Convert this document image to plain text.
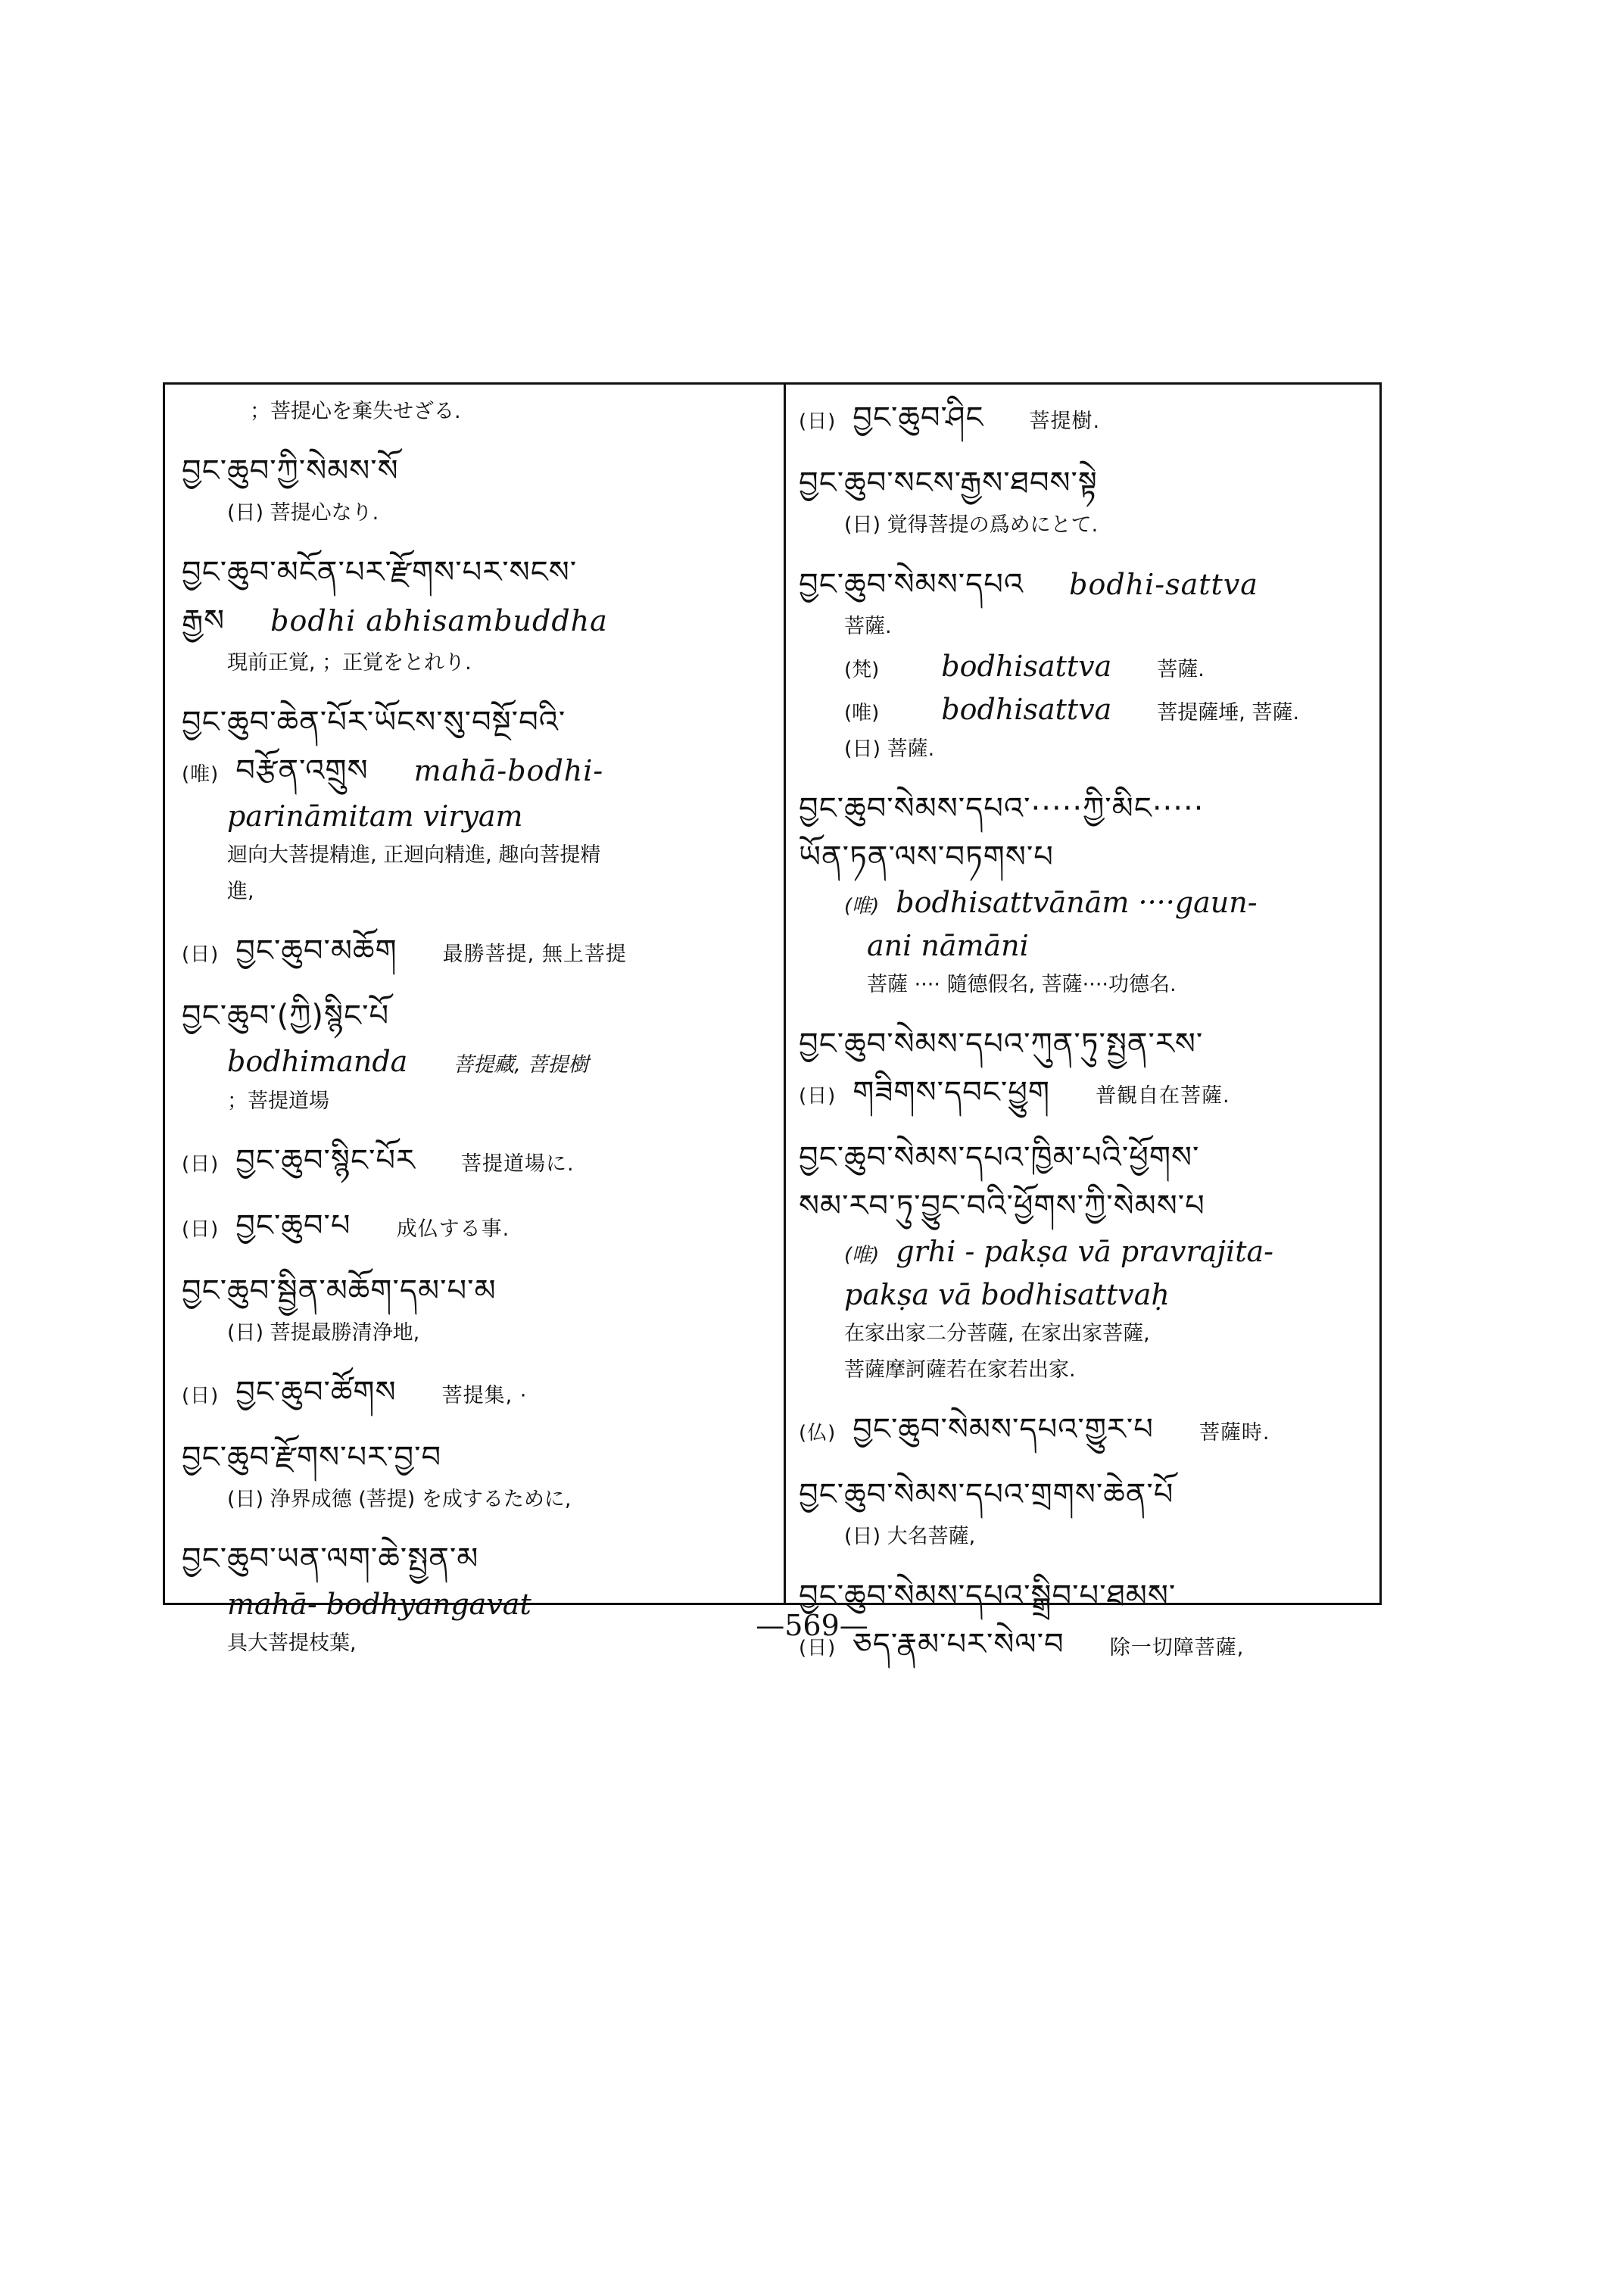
；菩提心を棄失せざる.
བྱང་ཆུབ་ཀྱི་སེམས་སོ
(日) 菩提心なり.
བྱང་ཆུབ་མངོན་པར་རྫོགས་པར་སངས་
རྒྱས bodhi abhisambuddha
現前正覚, ；正覚をとれり.
བྱང་ཆུབ་ཆེན་པོར་ཡོངས་སུ་བསྔོ་བའི་
(唯) བརྩོན་འགྲུས mahā-bodhi-
parināmitam viryam
迴向大菩提精進, 正迴向精進, 趣向菩提精
進,
(日) བྱང་ཆུབ་མཆོག 最勝菩提, 無上菩提
བྱང་ཆུབ་(ཀྱི)སྙིང་པོ
bodhimanda 菩提藏, 菩提樹
；菩提道場
(日) བྱང་ཆུབ་སྙིང་པོར 菩提道場に.
(日) བྱང་ཆུབ་པ 成仏する事.
བྱང་ཆུབ་སྦྱིན་མཆོག་དམ་པ་མ
(日) 菩提最勝清浄地,
(日) བྱང་ཆུབ་ཚོགས 菩提集, ·
བྱང་ཆུབ་རྫོགས་པར་བྱ་བ
(日) 浄界成德 (菩提) を成するために,
བྱང་ཆུབ་ཡན་ལག་ཆེ་སྤྱན་མ
mahā- bodhyangavat
具大菩提枝葉,
(日) བྱང་ཆུབ་ཤིང 菩提樹.
བྱང་ཆུབ་སངས་རྒྱས་ཐབས་སྟེ
(日) 覚得菩提の爲めにとて.
བྱང་ཆུབ་སེམས་དཔའ bodhi-sattva
菩薩.
(梵) bodhisattva 菩薩.
(唯) bodhisattva 菩提薩埵, 菩薩.
(日) 菩薩.
བྱང་ཆུབ་སེམས་དཔའ་·····ཀྱི་མིང·····
ཡོན་ཏན་ལས་བཏགས་པ
(唯) bodhisattvānām ····gaun-
ani nāmāni
菩薩 ···· 隨德假名, 菩薩····功德名.
བྱང་ཆུབ་སེམས་དཔའ་ཀུན་ཏུ་སྤྱན་རས་
(日) གཟིགས་དབང་ཕྱུག 普観自在菩薩.
བྱང་ཆུབ་སེམས་དཔའ་ཁྱིམ་པའི་ཕྱོགས་
སམ་རབ་ཏུ་བྱུང་བའི་ཕྱོགས་ཀྱི་སེམས་པ
(唯) grhi - pakṣa vā pravrajita-
pakṣa vā bodhisattvaḥ
在家出家二分菩薩, 在家出家菩薩,
菩薩摩訶薩若在家若出家.
(仏) བྱང་ཆུབ་སེམས་དཔའ་གྱུར་པ 菩薩時.
བྱང་ཆུབ་སེམས་དཔའ་གྲགས་ཆེན་པོ
(日) 大名菩薩,
བྱང་ཆུབ་སེམས་དཔའ་སྒྲིབ་པ་ཐམས་
(日) ཅད་རྣམ་པར་སེལ་བ 除一切障菩薩,
—569—
